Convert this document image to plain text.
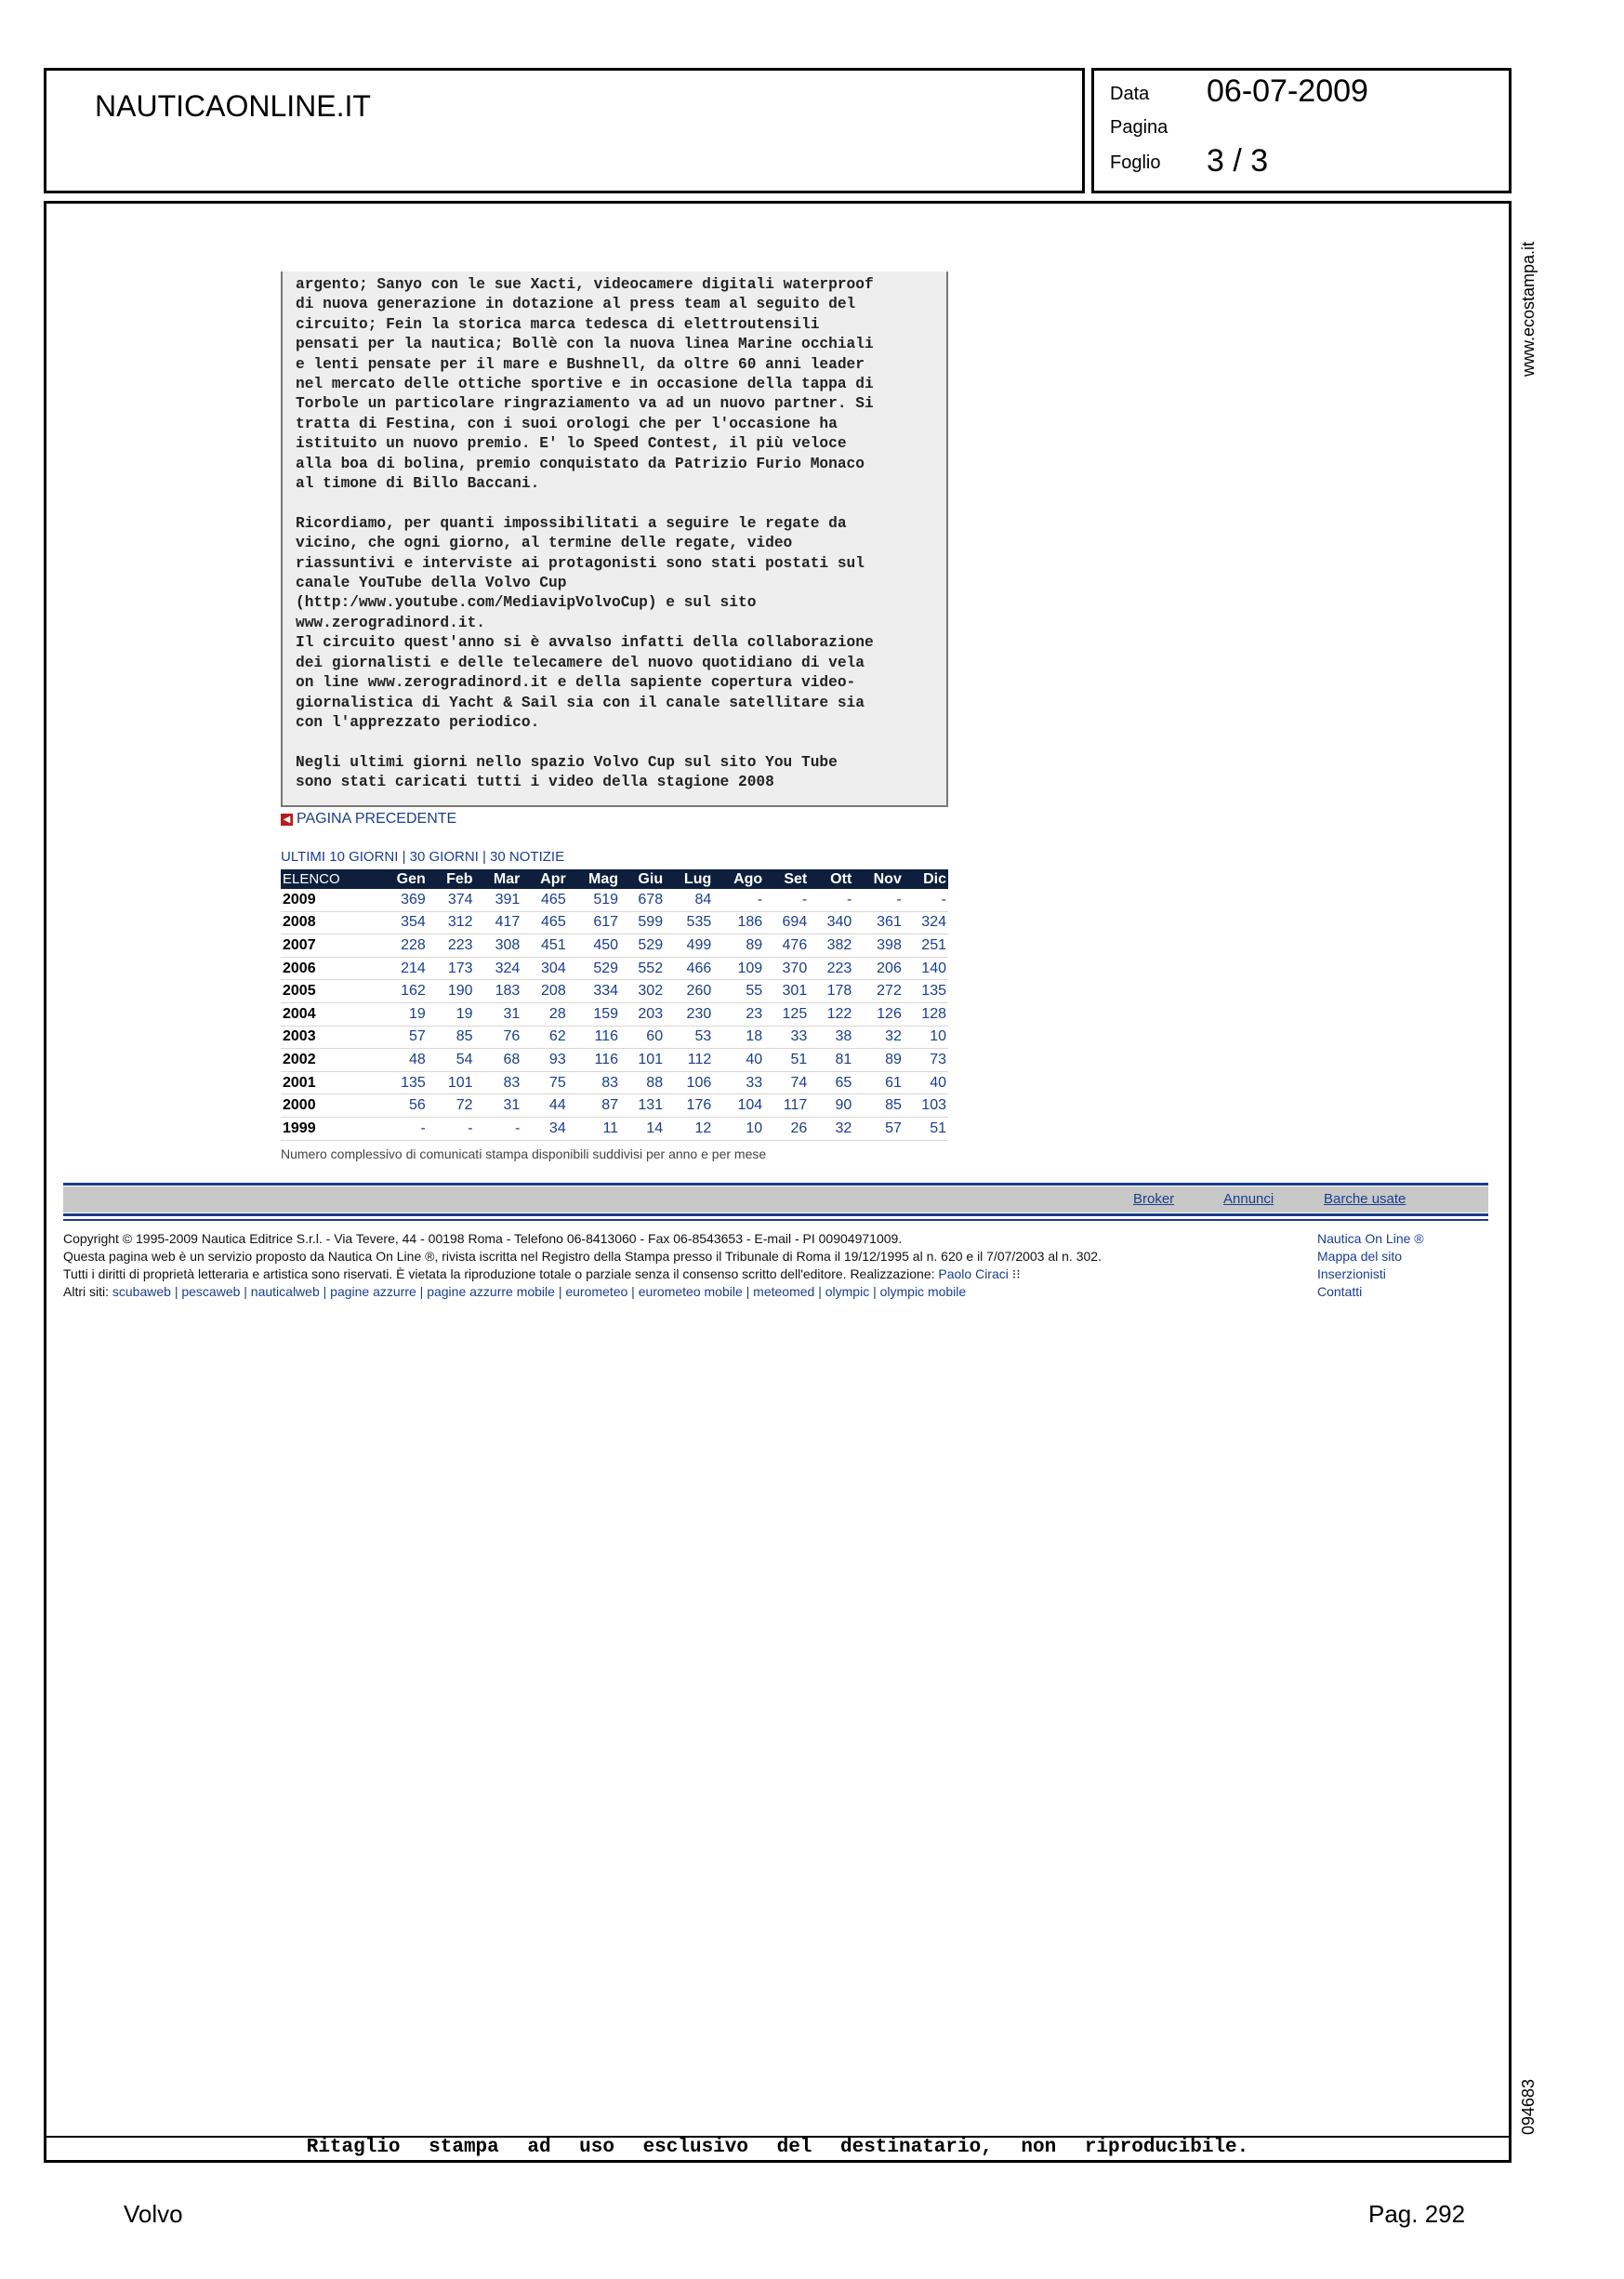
NAUTICAONLINE.IT	Data 06-07-2009
Pagina
Foglio 3 / 3
Ritaglio stampa ad uso esclusivo del destinatario, non riproducibile.
www.ecostampa.it
094683

argento; Sanyo con le sue Xacti, videocamere digitali waterproof
di nuova generazione in dotazione al press team al seguito del
circuito; Fein la storica marca tedesca di elettroutensili
pensati per la nautica; Bollè con la nuova linea Marine occhiali
e lenti pensate per il mare e Bushnell, da oltre 60 anni leader
nel mercato delle ottiche sportive e in occasione della tappa di
Torbole un particolare ringraziamento va ad un nuovo partner. Si
tratta di Festina, con i suoi orologi che per l'occasione ha
istituito un nuovo premio. E' lo Speed Contest, il più veloce
alla boa di bolina, premio conquistato da Patrizio Furio Monaco
al timone di Billo Baccani.

Ricordiamo, per quanti impossibilitati a seguire le regate da
vicino, che ogni giorno, al termine delle regate, video
riassuntivi e interviste ai protagonisti sono stati postati sul
canale YouTube della Volvo Cup
(http:/www.youtube.com/MediavipVolvoCup) e sul sito
www.zerogradinord.it.
Il circuito quest'anno si è avvalso infatti della collaborazione
dei giornalisti e delle telecamere del nuovo quotidiano di vela
on line www.zerogradinord.it e della sapiente copertura video-
giornalistica di Yacht & Sail sia con il canale satellitare sia
con l'apprezzato periodico.

Negli ultimi giorni nello spazio Volvo Cup sul sito You Tube
sono stati caricati tutti i video della stagione 2008

◀ PAGINA PRECEDENTE
ULTIMI 10 GIORNI | 30 GIORNI | 30 NOTIZIE
ELENCO	Gen	Feb	Mar	Apr	Mag	Giu	Lug	Ago	Set	Ott	Nov	Dic
2009	369	374	391	465	519	678	84	-	-	-	-	-
2008	354	312	417	465	617	599	535	186	694	340	361	324
2007	228	223	308	451	450	529	499	89	476	382	398	251
2006	214	173	324	304	529	552	466	109	370	223	206	140
2005	162	190	183	208	334	302	260	55	301	178	272	135
2004	19	19	31	28	159	203	230	23	125	122	126	128
2003	57	85	76	62	116	60	53	18	33	38	32	10
2002	48	54	68	93	116	101	112	40	51	81	89	73
2001	135	101	83	75	83	88	106	33	74	65	61	40
2000	56	72	31	44	87	131	176	104	117	90	85	103
1999	-	-	-	34	11	14	12	10	26	32	57	51
Numero complessivo di comunicati stampa disponibili suddivisi per anno e per mese
Broker	Annunci	Barche usate
Copyright © 1995-2009 Nautica Editrice S.r.l. - Via Tevere, 44 - 00198 Roma - Telefono 06-8413060 - Fax 06-8543653 - E-mail - PI 00904971009.
Questa pagina web è un servizio proposto da Nautica On Line ®, rivista iscritta nel Registro della Stampa presso il Tribunale di Roma il 19/12/1995 al n. 620 e il 7/07/2003 al n. 302.
Tutti i diritti di proprietà letteraria e artistica sono riservati. È vietata la riproduzione totale o parziale senza il consenso scritto dell'editore. Realizzazione: Paolo Ciraci ⁝⁝
Altri siti: scubaweb | pescaweb | nauticalweb | pagine azzurre | pagine azzurre mobile | eurometeo | eurometeo mobile | meteomed | olympic | olympic mobile
Nautica On Line ®
Mappa del sito
Inserzionisti
Contatti
Volvo	Pag. 292
